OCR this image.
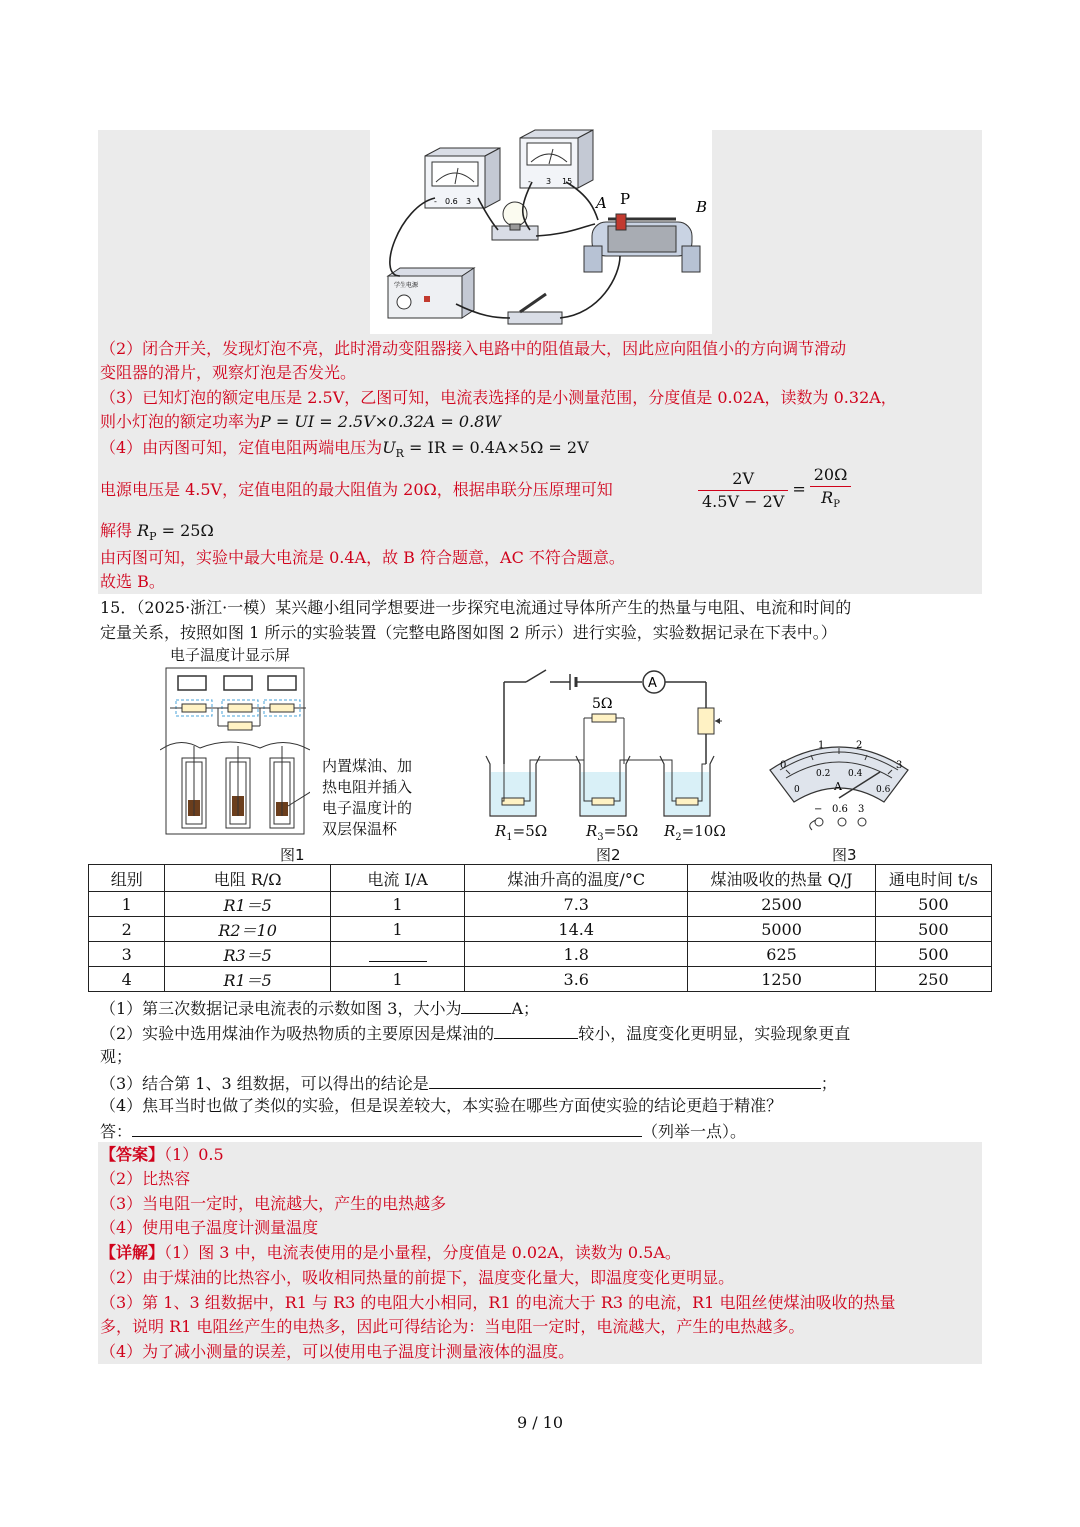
- 0.6 3
- 3 15
A P	B
学生电源
（2）闭合开关，发现灯泡不亮，此时滑动变阻器接入电路中的阻值最大，因此应向阻值小的方向调节滑动
变阻器的滑片，观察灯泡是否发光。
（3）已知灯泡的额定电压是 2.5V，乙图可知，电流表选择的是小测量范围，分度值是 0.02A，读数为 0.32A，
则小灯泡的额定功率为P = UI = 2.5V×0.32A = 0.8W
（4）由丙图可知，定值电阻两端电压为$U_R$ = IR = 0.4A×5Ω = 2V
电源电压是 4.5V，定值电阻的最大阻值为 20Ω，根据串联分压原理可知	$\frac{2V}{4.5V - 2V} = \frac{20\Omega}{R_P}$
解得 $R_P = 25\Omega$
由丙图可知，实验中最大电流是 0.4A，故 B 符合题意，AC 不符合题意。
故选 B。
15．（2025·浙江·一模）某兴趣小组同学想要进一步探究电流通过导体所产生的热量与电阻、电流和时间的
定量关系，按照如图 1 所示的实验装置（完整电路图如图 2 所示）进行实验，实验数据记录在下表中。）
电子温度计显示屏
内置煤油、加
热电阻并插入
电子温度计的
双层保温杯
图1
A
5Ω
$R_1=5\Omega$	$R_3=5\Omega$ $R_2=10\Omega$
图2
0
1	2
3
0
0.2 0.4
0.6
A
− 0.6 3
图3
组别	电阻 R/Ω	电流 I/A	煤油升高的温度/°C	煤油吸收的热量 Q/J	通电时间 t/s
1	R1＝5	1	7.3	2500	500
2	R2＝10	1	14.4	5000	500
3	R3＝5		1.8	625	500
4	R1＝5	1	3.6	1250	250
（1）第三次数据记录电流表的示数如图 3，大小为	A；
（2）实验中选用煤油作为吸热物质的主要原因是煤油的	较小，温度变化更明显，实验现象更直
观；
（3）结合第 1、3 组数据，可以得出的结论是	；
（4）焦耳当时也做了类似的实验，但是误差较大，本实验在哪些方面使实验的结论更趋于精准？
答：	（列举一点）。
【答案】（1）0.5
（2）比热容
（3）当电阻一定时，电流越大，产生的电热越多
（4）使用电子温度计测量温度
【详解】（1）图 3 中，电流表使用的是小量程，分度值是 0.02A，读数为 0.5A。
（2）由于煤油的比热容小，吸收相同热量的前提下，温度变化量大，即温度变化更明显。
（3）第 1、3 组数据中，R1 与 R3 的电阻大小相同，R1 的电流大于 R3 的电流，R1 电阻丝使煤油吸收的热量
多，说明 R1 电阻丝产生的电热多，因此可得结论为：当电阻一定时，电流越大，产生的电热越多。
（4）为了减小测量的误差，可以使用电子温度计测量液体的温度。
9 / 10
